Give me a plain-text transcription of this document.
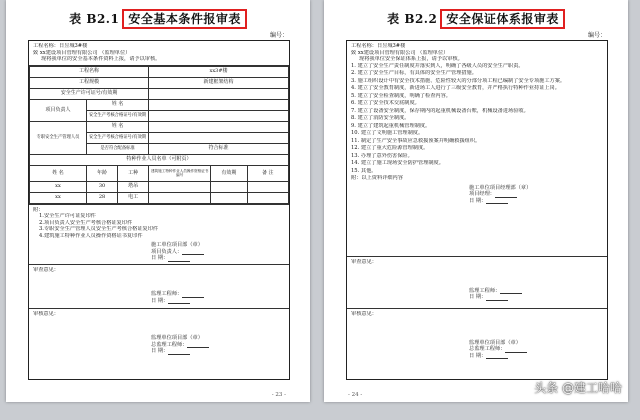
表 B2.1 安全基本条件报审表
编号：
工程名称：日昱城3#楼
致 xx建设项目管理有限公司 （监理单位）
现将我单位的安全基本条件资料上报，请予以审核。
工程名称			xx3#楼		
工程规模			新建框架结构		
安全生产许可证号/有效期					
项目负责人	姓 名				
	安全生产考核合格证号/有效期				
专职安全生产管理人员	姓 名				
	安全生产考核合格证号/有效期				
	是否符合配备标准		符合标准		
特种作业人员名单（可附页）					
姓 名	年龄	工种	建筑施工特种作业人员操作资格证书编号	有效期	备 注
xx	30	塔吊			
xx	28	电工			
附：
1.安全生产许可证复印件
2.项目负责人安全生产考核合格证复印件
3.专职安全生产管理人员安全生产考核合格证复印件
4.建筑施工特种作业人员操作资格证书复印件
施工单位项目部（章）
项目负责人：
日 期：
审查意见：
监理工程师：
日 期：
审核意见：
监理单位项目部（章）
总监理工程师：
日 期：
- 23 -
表 B2.2 安全保证体系报审表
编号：
工程名称：日昱城3#楼
致 xx建设项目管理有限公司 （监理单位）
现将我单位安全保证体系上报，请予以审核。
1. 建立了安全生产责任制度并落实到人，明确了各级人员的安全生产职责。
2. 建立了安全生产目标，有具体的安全生产管理措施。
3. 施工组织设计中有安全技术措施、危险性较大的分部分项工程已编制了安全专项施工方案。
4. 建立了安全教育制度，新进场工人进行了三级安全教育，并严格执行特种作业持证上岗。
5. 建立了安全检查制度，明确了检查内容。
6. 建立了安全技术交底制度。
7. 建立了设备安全制度，保存期内的起重机械设备台账，机械设备进场验收。
8. 建立了消防安全制度。
9. 建立了建筑起重机械管理制度。
10. 建立了文明施工管理制度。
11. 制定了生产安全事故应急救援预案并明确救援组织。
12. 建立了重大危险源管理制度。
13. 办理了意外伤害保险。
14. 建立了施工现场安全防护管理制度。
15. 其他。
附：以上资料详细内容
施工单位项目经理部（章）
项目经理：
日 期：
审查意见：
监理工程师：
日 期：
审核意见：
监理单位项目部（章）
总监理工程师：
日 期：
- 24 -	头条 @建工哈哈
